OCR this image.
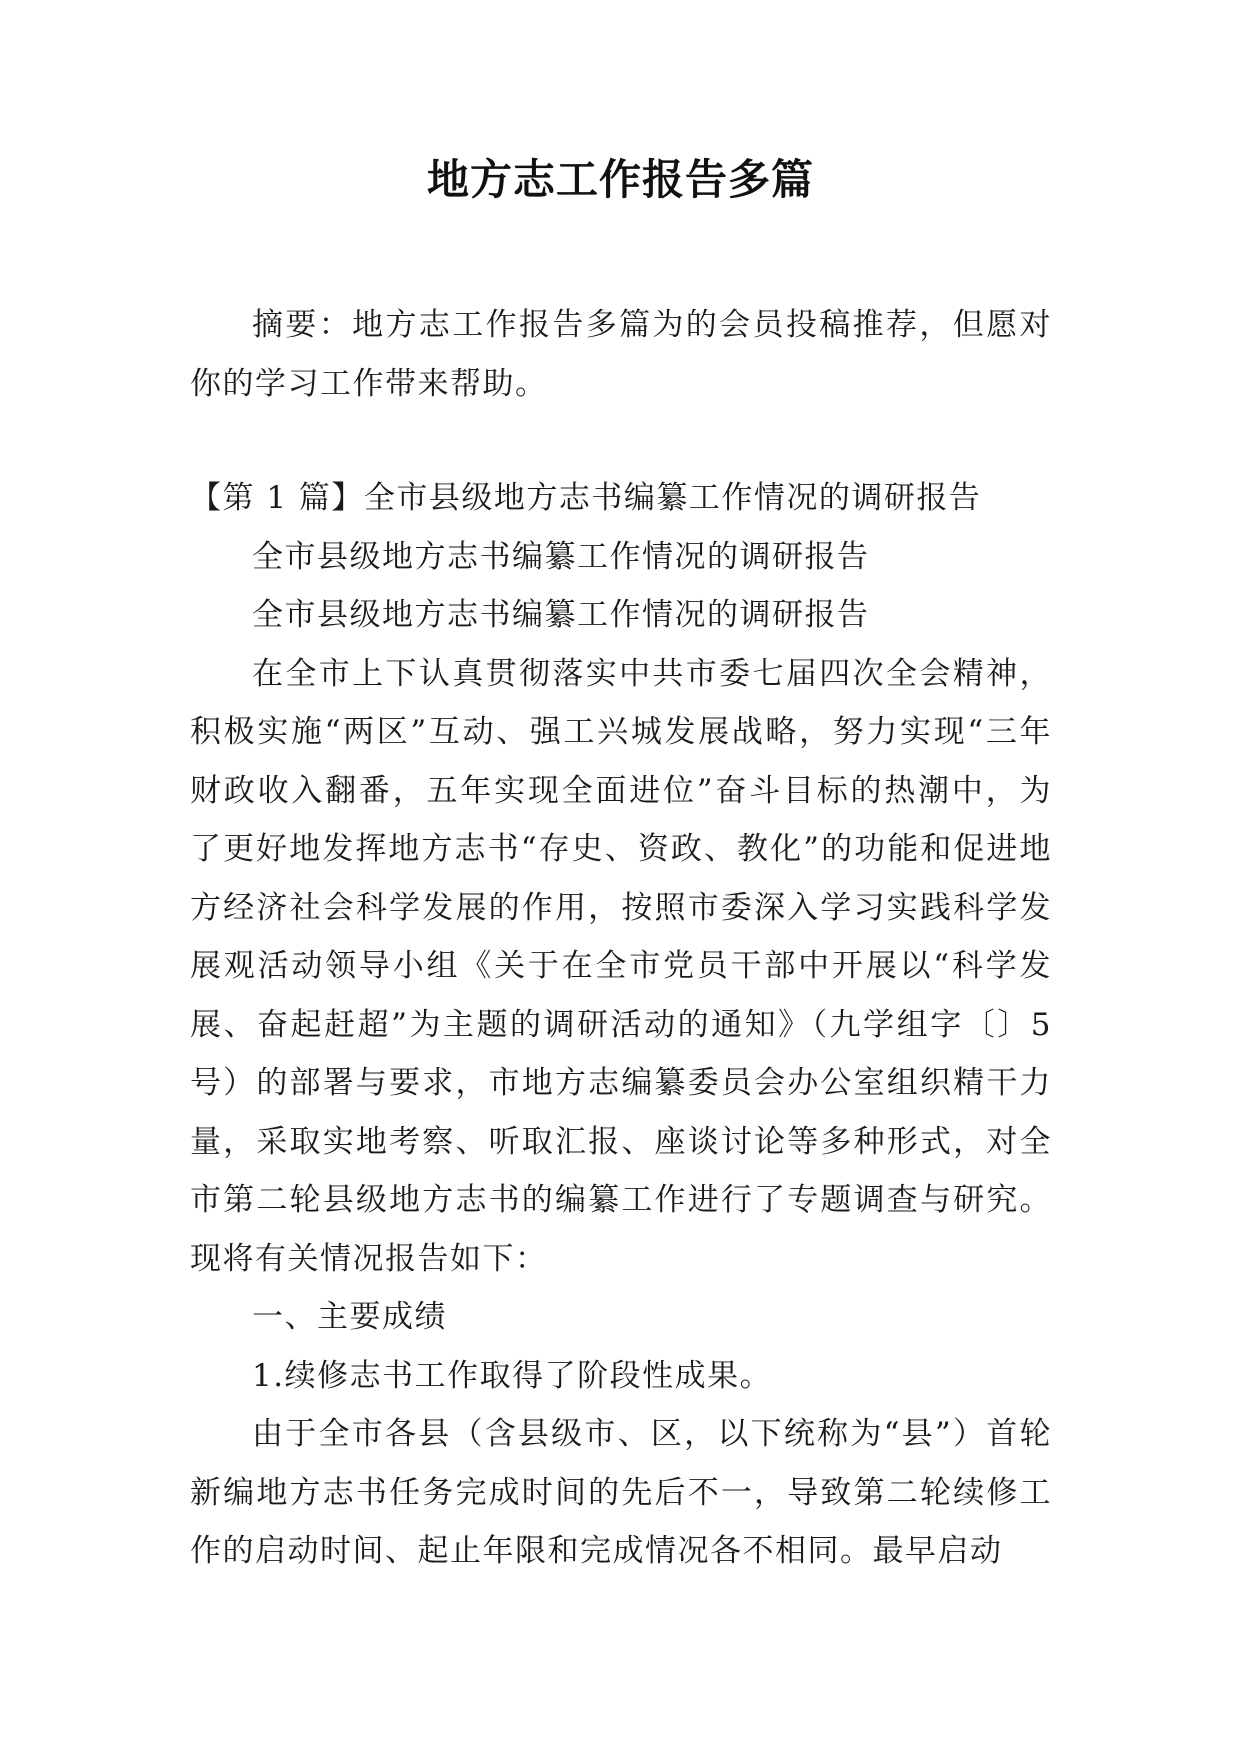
地方志工作报告多篇

摘要：地方志工作报告多篇为的会员投稿推荐，但愿对你的学习工作带来帮助。

【第 1 篇】全市县级地方志书编纂工作情况的调研报告

全市县级地方志书编纂工作情况的调研报告

全市县级地方志书编纂工作情况的调研报告

在全市上下认真贯彻落实中共市委七届四次全会精神，积极实施“两区”互动、强工兴城发展战略，努力实现“三年财政收入翻番，五年实现全面进位”奋斗目标的热潮中，为了更好地发挥地方志书“存史、资政、教化”的功能和促进地方经济社会科学发展的作用，按照市委深入学习实践科学发展观活动领导小组《关于在全市党员干部中开展以“科学发展、奋起赶超”为主题的调研活动的通知》（九学组字〔〕5 号）的部署与要求，市地方志编纂委员会办公室组织精干力量，采取实地考察、听取汇报、座谈讨论等多种形式，对全市第二轮县级地方志书的编纂工作进行了专题调查与研究。现将有关情况报告如下：

一、主要成绩

1.续修志书工作取得了阶段性成果。

由于全市各县（含县级市、区，以下统称为“县”）首轮新编地方志书任务完成时间的先后不一，导致第二轮续修工作的启动时间、起止年限和完成情况各不相同。最早启动
